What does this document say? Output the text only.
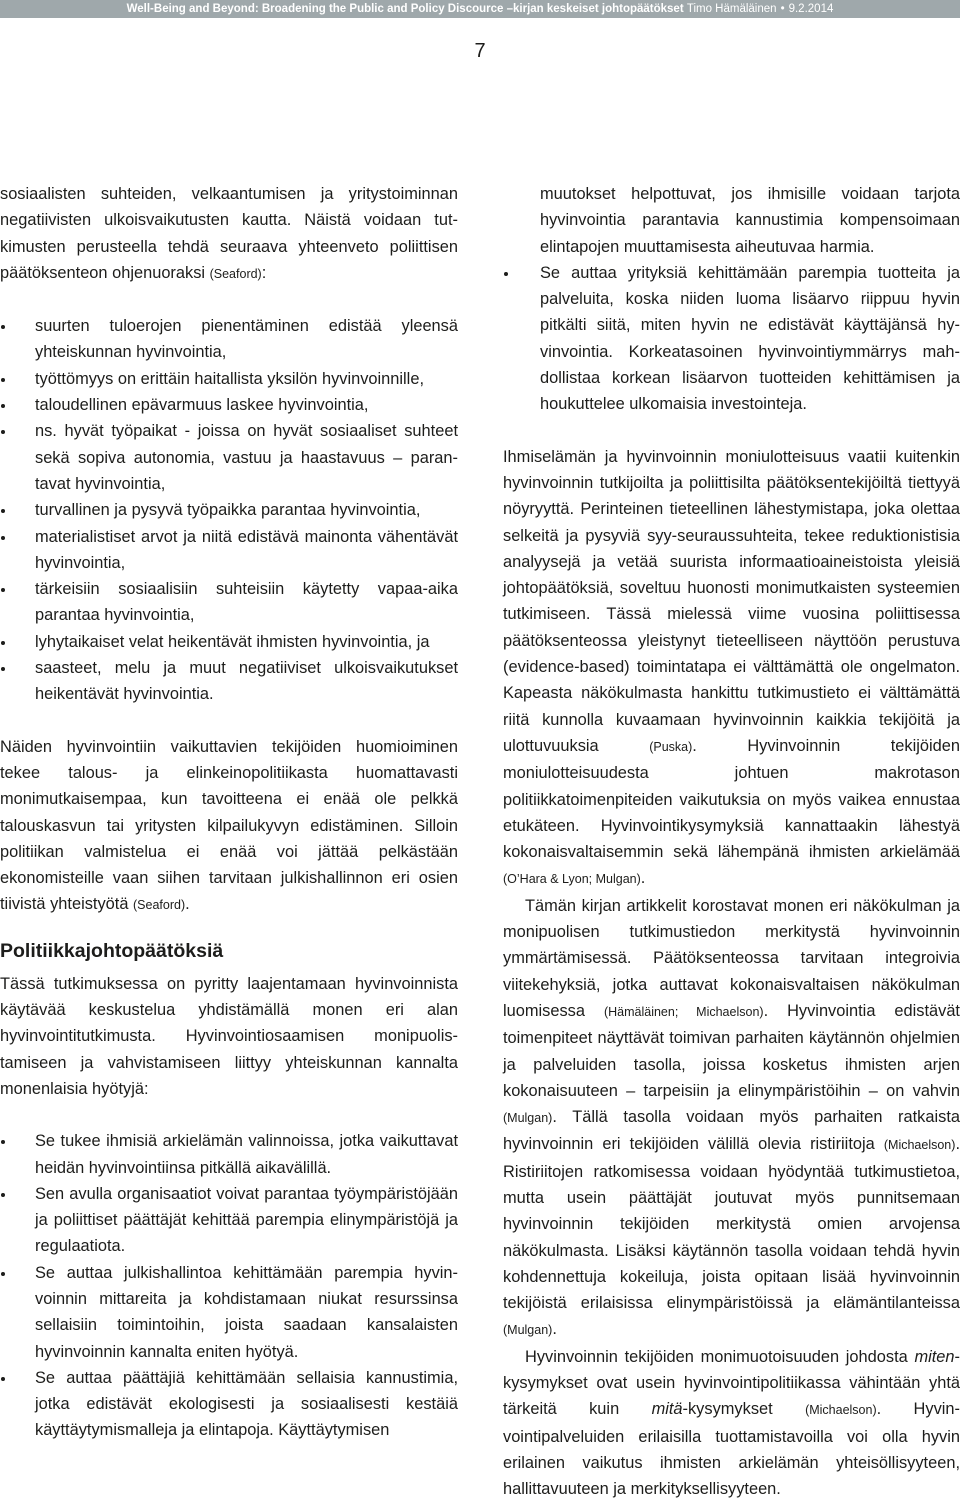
Well-Being and Beyond: Broadening the Public and Policy Discource –kirjan keskeiset johtopäätökset Timo Hämäläinen • 9.2.2014
7

sosiaalisten suhteiden, velkaantumisen ja yritystoiminnan negatiivisten ulkoisvaikutusten kautta. Näistä voidaan tutkimusten perusteella tehdä seuraava yhteenveto poliittisen päätöksenteon ohjenuoraksi (Seaford):

suurten tuloerojen pienentäminen edistää yleensä yhteiskunnan hyvinvointia,
työttömyys on erittäin haitallista yksilön hyvinvoinnille,
taloudellinen epävarmuus laskee hyvinvointia,
ns. hyvät työpaikat - joissa on hyvät sosiaaliset suhteet sekä sopiva autonomia, vastuu ja haastavuus – parantavat hyvinvointia,
turvallinen ja pysyvä työpaikka parantaa hyvinvointia,
materialistiset arvot ja niitä edistävä mainonta vähentävät hyvinvointia,
tärkeisiin sosiaalisiin suhteisiin käytetty vapaa-aika parantaa hyvinvointia,
lyhytaikaiset velat heikentävät ihmisten hyvinvointia, ja
saasteet, melu ja muut negatiiviset ulkoisvaikutukset heikentävät hyvinvointia.

Näiden hyvinvointiin vaikuttavien tekijöiden huomioiminen tekee talous- ja elinkeinopolitiikasta huomattavasti monimutkaisempaa, kun tavoitteena ei enää ole pelkkä talouskasvun tai yritysten kilpailukyvyn edistäminen. Silloin politiikan valmistelua ei enää voi jättää pelkästään ekonomisteille vaan siihen tarvitaan julkishallinnon eri osien tiivistä yhteistyötä (Seaford).

Politiikkajohtopäätöksiä

Tässä tutkimuksessa on pyritty laajentamaan hyvinvoinnista käytävää keskustelua yhdistämällä monen eri alan hyvinvointitutkimusta. Hyvinvointiosaamisen monipuolistamiseen ja vahvistamiseen liittyy yhteiskunnan kannalta monenlaisia hyötyjä:

Se tukee ihmisiä arkielämän valinnoissa, jotka vaikuttavat heidän hyvinvointiinsa pitkällä aikavälillä.
Sen avulla organisaatiot voivat parantaa työympäristöjään ja poliittiset päättäjät kehittää parempia elinympäristöjä ja regulaatiota.
Se auttaa julkishallintoa kehittämään parempia hyvinvoinnin mittareita ja kohdistamaan niukat resurssinsa sellaisiin toimintoihin, joista saadaan kansalaisten hyvinvoinnin kannalta eniten hyötyä.
Se auttaa päättäjiä kehittämään sellaisia kannustimia, jotka edistävät ekologisesti ja sosiaalisesti kestäiä käyttäytymismalleja ja elintapoja. Käyttäytymisen

muutokset helpottuvat, jos ihmisille voidaan tarjota hyvinvointia parantavia kannustimia kompensoimaan elintapojen muuttamisesta aiheutuvaa harmia.

Se auttaa yrityksiä kehittämään parempia tuotteita ja palveluita, koska niiden luoma lisäarvo riippuu hyvin pitkälti siitä, miten hyvin ne edistävät käyttäjänsä hyvinvointia. Korkeatasoinen hyvinvointiymmärrys mahdollistaa korkean lisäarvon tuotteiden kehittämisen ja houkuttelee ulkomaisia investointeja.

Ihmiselämän ja hyvinvoinnin moniulotteisuus vaatii kuitenkin hyvinvoinnin tutkijoilta ja poliittisilta päätöksentekijöiltä tiettyyä nöyryyttä. Perinteinen tieteellinen lähestymistapa, joka olettaa selkeitä ja pysyviä syy-seuraussuhteita, tekee reduktionistisia analyysejä ja vetää suurista informaatioaineistoista yleisiä johtopäätöksiä, soveltuu huonosti monimutkaisten systeemien tutkimiseen. Tässä mielessä viime vuosina poliittisessa päätöksenteossa yleistynyt tieteelliseen näyttöön perustuva (evidence-based) toimintatapa ei välttämättä ole ongelmaton. Kapeasta näkökulmasta hankittu tutkimustieto ei välttämättä riitä kunnolla kuvaamaan hyvinvoinnin kaikkia tekijöitä ja ulottuvuuksia	(Puska). Hyvinvoinnin tekijöiden moniulotteisuudesta johtuen makrotason politiikkatoimenpiteiden vaikutuksia on myös vaikea ennustaa etukäteen. Hyvinvointikysymyksiä kannattaakin lähestyä kokonaisvaltaisemmin sekä lähempänä ihmisten arkielämää (O’Hara & Lyon; Mulgan).

Tämän kirjan artikkelit korostavat monen eri näkökulman ja monipuolisen tutkimustiedon merkitystä hyvinvoinnin ymmärtämisessä. Päätöksenteossa tarvitaan integroivia viitekehyksiä, jotka auttavat kokonaisvaltaisen näkökulman luomisessa (Hämäläinen; Michaelson). Hyvinvointia edistävät toimenpiteet näyttävät toimivan parhaiten käytännön ohjelmien ja palveluiden tasolla, joissa kosketus ihmisten arjen kokonaisuuteen – tarpeisiin ja elinympäristöihin – on vahvin (Mulgan). Tällä tasolla voidaan myös parhaiten ratkaista hyvinvoinnin eri tekijöiden välillä olevia ristiriitoja (Michaelson). Ristiriitojen ratkomisessa voidaan hyödyntää tutkimustietoa, mutta usein päättäjät joutuvat myös punnitsemaan hyvinvoinnin tekijöiden merkitystä omien arvojensa näkökulmasta. Lisäksi käytännön tasolla voidaan tehdä hyvin kohdennettuja kokeiluja, joista opitaan lisää hyvinvoinnin tekijöistä erilaisissa elinympäristöissä ja elämäntilanteissa (Mulgan).

Hyvinvoinnin tekijöiden monimuotoisuuden johdosta miten-kysymykset ovat usein hyvinvointipolitiikassa vähintään yhtä tärkeitä kuin mitä-kysymykset	(Michaelson). Hyvinvointipalveluiden erilaisilla tuottamistavoilla voi olla hyvin erilainen vaikutus ihmisten arkielämän yhteisöllisyyteen, hallittavuuteen ja merkityksellisyyteen.
